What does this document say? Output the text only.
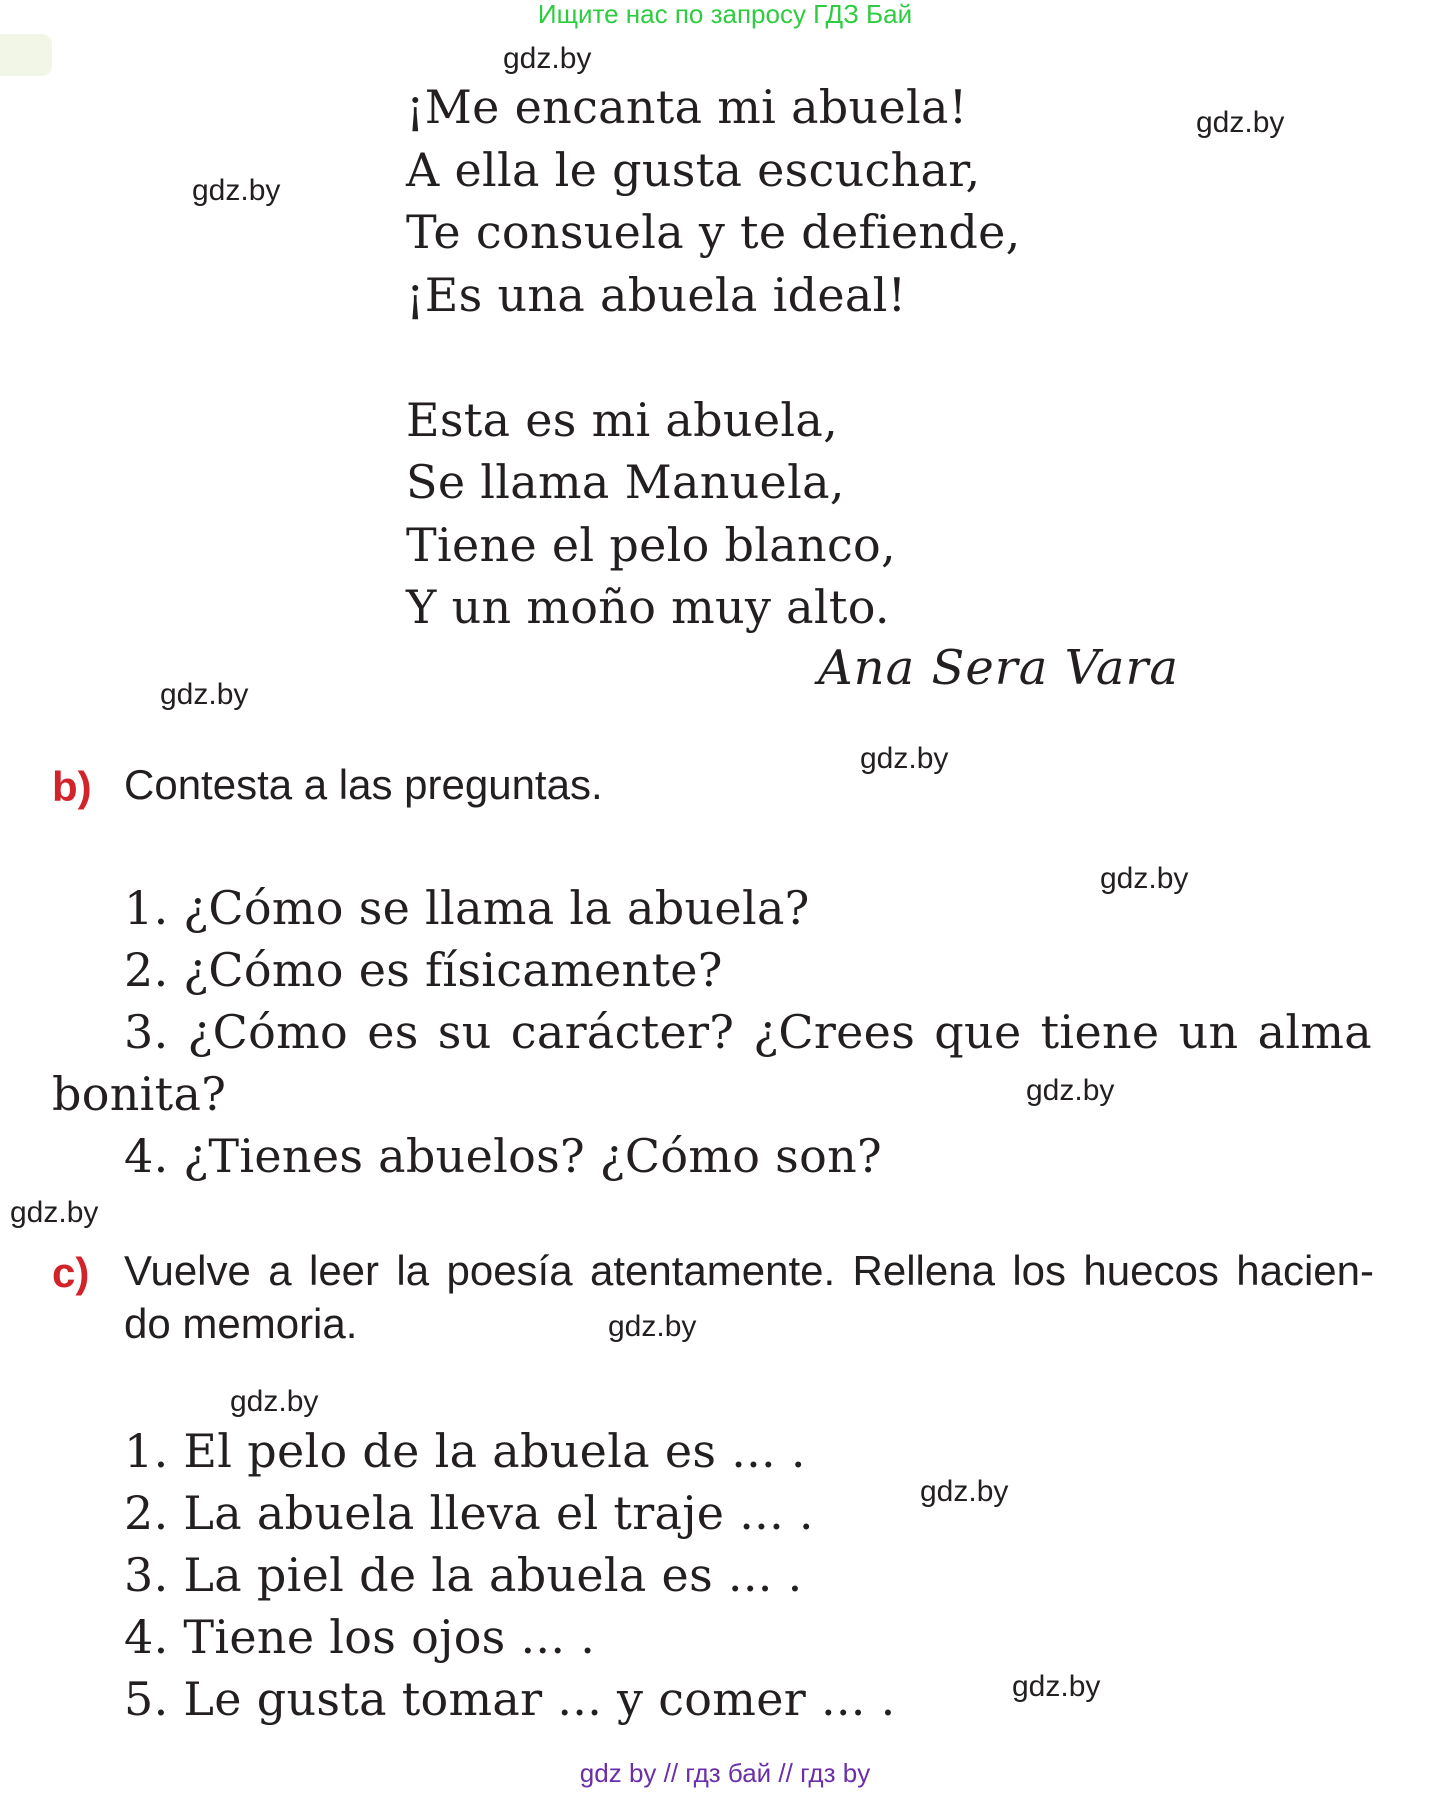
Ищите нас по запросу ГДЗ Бай
gdz.by
gdz.by
gdz.by
gdz.by
gdz.by
gdz.by
gdz.by
gdz.by
gdz.by
gdz.by
gdz.by
gdz.by
¡Me encanta mi abuela!
A ella le gusta escuchar,
Te consuela y te defiende,
¡Es una abuela ideal!
Esta es mi abuela,
Se llama Manuela,
Tiene el pelo blanco,
Y un moño muy alto.
Ana Sera Vara
b) Contesta a las preguntas.
1. ¿Cómo se llama la abuela?
2. ¿Cómo es físicamente?
3. ¿Cómo es su carácter? ¿Crees que tiene un alma
bonita?
4. ¿Tienes abuelos? ¿Cómo son?
c) Vuelve a leer la poesía atentamente. Rellena los huecos hacien-
do memoria.
1. El pelo de la abuela es ... .
2. La abuela lleva el traje ... .
3. La piel de la abuela es ... .
4. Tiene los ojos ... .
5. Le gusta tomar ... y comer ... .
gdz by // гдз бай // гдз by
